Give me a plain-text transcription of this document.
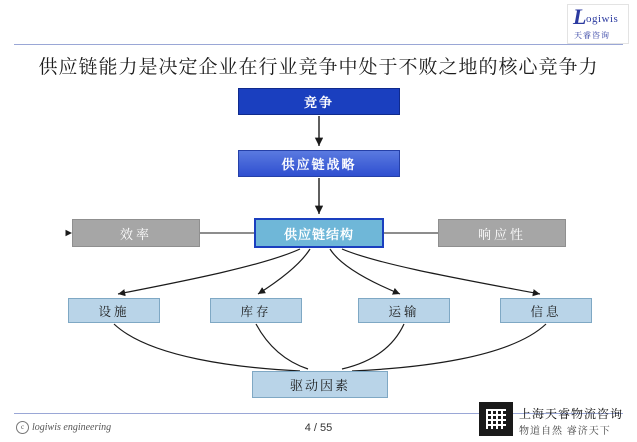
L ogiwis
天睿咨询
供应链能力是决定企业在行业竞争中处于不败之地的核心竞争力
竞争
供应链战略
效率	供应链结构	响应性
设施	库存	运输	信息
驱动因素
c logiwis engineering	4 / 55
上海天睿物流咨询
物道自然 睿济天下
